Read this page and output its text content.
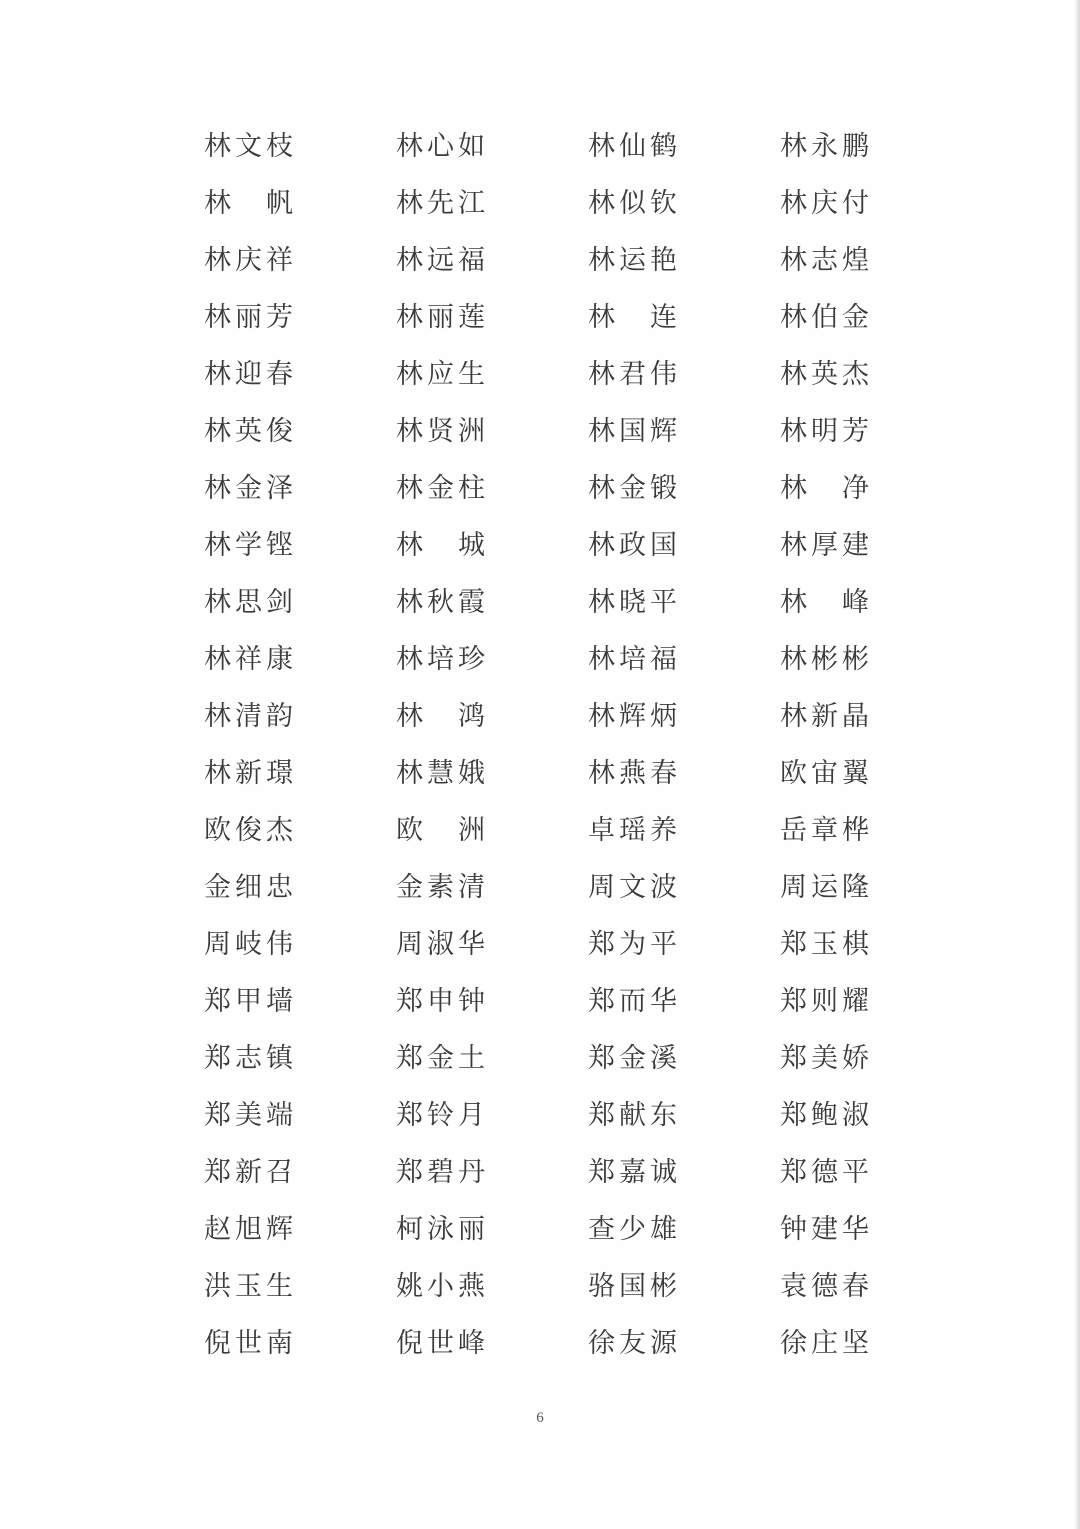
林文枝	林心如	林仙鹤	林永鹏
林　帆	林先江	林似钦	林庆付
林庆祥	林远福	林运艳	林志煌
林丽芳	林丽莲	林　连	林伯金
林迎春	林应生	林君伟	林英杰
林英俊	林贤洲	林国辉	林明芳
林金泽	林金柱	林金锻	林　净
林学铿	林　城	林政国	林厚建
林思剑	林秋霞	林晓平	林　峰
林祥康	林培珍	林培福	林彬彬
林清韵	林　鸿	林辉炳	林新晶
林新璟	林慧娥	林燕春	欧宙翼
欧俊杰	欧　洲	卓瑶养	岳章桦
金细忠	金素清	周文波	周运隆
周岐伟	周淑华	郑为平	郑玉棋
郑甲墙	郑申钟	郑而华	郑则耀
郑志镇	郑金土	郑金溪	郑美娇
郑美端	郑铃月	郑献东	郑鲍淑
郑新召	郑碧丹	郑嘉诚	郑德平
赵旭辉	柯泳丽	查少雄	钟建华
洪玉生	姚小燕	骆国彬	袁德春
倪世南	倪世峰	徐友源	徐庄坚
6
